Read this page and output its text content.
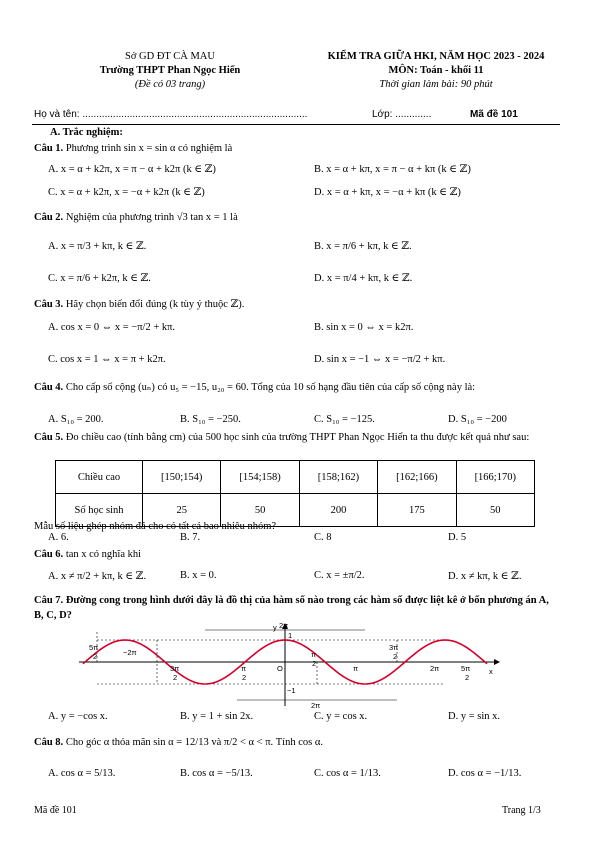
Sở GD ĐT CÀ MAU
Trường THPT Phan Ngọc Hiển
(Đề có 03 trang)
KIỂM TRA GIỮA HKI, NĂM HỌC 2023 - 2024
MÔN: Toán - khối 11
Thời gian làm bài: 90 phút
Họ và tên: .................................................................................	Lớp: .............	Mã đề 101
A. Trắc nghiệm:
Câu 1. Phương trình sin x = sin α có nghiệm là
A. x = α + k2π, x = π − α + k2π (k ∈ ℤ)	B. x = α + kπ, x = π − α + kπ (k ∈ ℤ)
C. x = α + k2π, x = −α + k2π (k ∈ ℤ)	D. x = α + kπ, x = −α + kπ (k ∈ ℤ)
Câu 2. Nghiệm của phương trình √3 tan x = 1 là
A. x = π/3 + kπ, k ∈ ℤ.	B. x = π/6 + kπ, k ∈ ℤ.
C. x = π/6 + k2π, k ∈ ℤ.	D. x = π/4 + kπ, k ∈ ℤ.
Câu 3. Hãy chọn biến đổi đúng (k tùy ý thuộc ℤ).
A. cos x = 0 ⇔ x = −π/2 + kπ.	B. sin x = 0 ⇔ x = k2π.
C. cos x = 1 ⇔ x = π + k2π.	D. sin x = −1 ⇔ x = −π/2 + kπ.
Câu 4. Cho cấp số cộng (uₙ) có u₅ = −15, u₂₀ = 60. Tổng của 10 số hạng đầu tiên của cấp số cộng này là:
A. S₁₀ = 200.	B. S₁₀ = −250.	C. S₁₀ = −125.	D. S₁₀ = −200
Câu 5. Đo chiều cao (tính bằng cm) của 500 học sinh của trường THPT Phan Ngọc Hiển ta thu được kết quả như sau:
Chiều cao	[150;154)	[154;158)	[158;162)	[162;166)	[166;170)
Số học sinh	25	50	200	175	50
Mẫu số liệu ghép nhóm đã cho có tất cả bao nhiêu nhóm?
A. 6.	B. 7.	C. 8	D. 5
Câu 6. tan x có nghĩa khi
A. x ≠ π/2 + kπ, k ∈ ℤ.	B. x = 0.	C. x = ±π/2.	D. x ≠ kπ, k ∈ ℤ.
Câu 7. Đường cong trong hình dưới đây là đồ thị của hàm số nào trong các hàm số được liệt kê ở bốn phương án A, B, C, D?
y
x
1
−1
O
2π
2π
5π
2	−2π
3π
2
π
2
π
2
π
3π
2
2π	5π
2
A. y = −cos x.	B. y = 1 + sin 2x.	C. y = cos x.	D. y = sin x.
Câu 8. Cho góc α thỏa mãn sin α = 12/13 và π/2 < α < π. Tính cos α.
A. cos α = 5/13.	B. cos α = −5/13.	C. cos α = 1/13.	D. cos α = −1/13.
Mã đề 101	Trang 1/3
